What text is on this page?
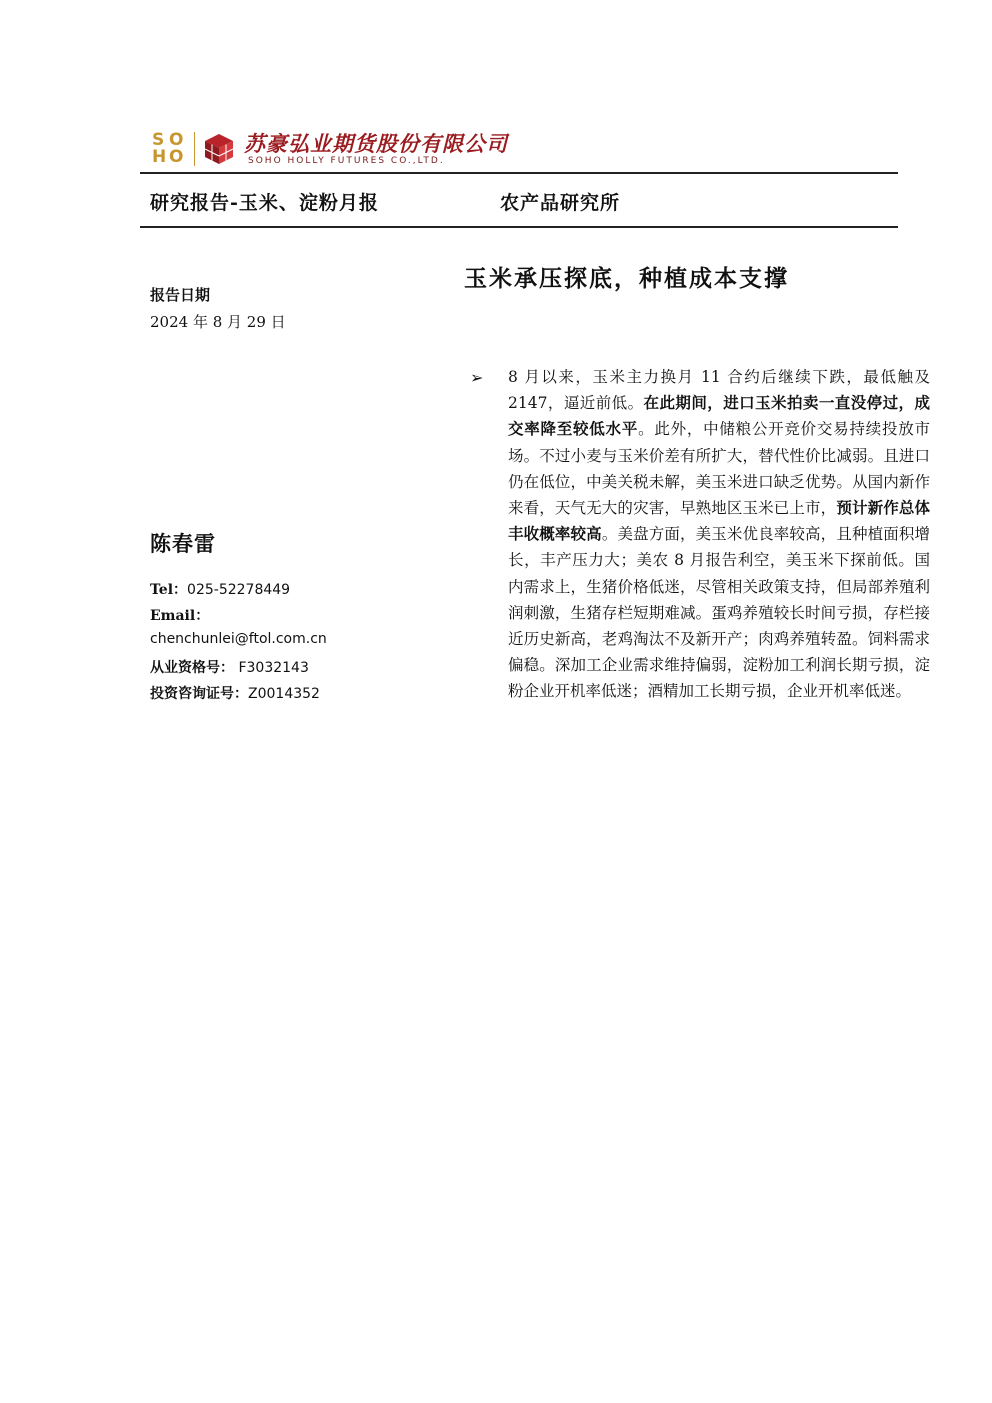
S O
H O
苏豪弘业期货股份有限公司
SOHO HOLLY FUTURES CO.,LTD.
研究报告-玉米、淀粉月报	农产品研究所
玉米承压探底，种植成本支撑
报告日期
2024 年 8 月 29 日
陈春雷
Tel：025-52278449
Email：
chenchunlei@ftol.com.cn
从业资格号： F3032143
投资咨询证号：Z0014352
➢ 8 月以来，玉米主力换月 11 合约后继续下跌，最低触及 2147，逼近前低。在此期间，进口玉米拍卖一直没停过，成交率降至较低水平。此外，中储粮公开竞价交易持续投放市场。不过小麦与玉米价差有所扩大，替代性价比减弱。且进口仍在低位，中美关税未解，美玉米进口缺乏优势。从国内新作来看，天气无大的灾害，早熟地区玉米已上市，预计新作总体丰收概率较高。美盘方面，美玉米优良率较高，且种植面积增长，丰产压力大；美农 8 月报告利空，美玉米下探前低。国内需求上，生猪价格低迷，尽管相关政策支持，但局部养殖利润刺激，生猪存栏短期难减。蛋鸡养殖较长时间亏损，存栏接近历史新高，老鸡淘汰不及新开产；肉鸡养殖转盈。饲料需求偏稳。深加工企业需求维持偏弱，淀粉加工利润长期亏损，淀粉企业开机率低迷；酒精加工长期亏损，企业开机率低迷。
